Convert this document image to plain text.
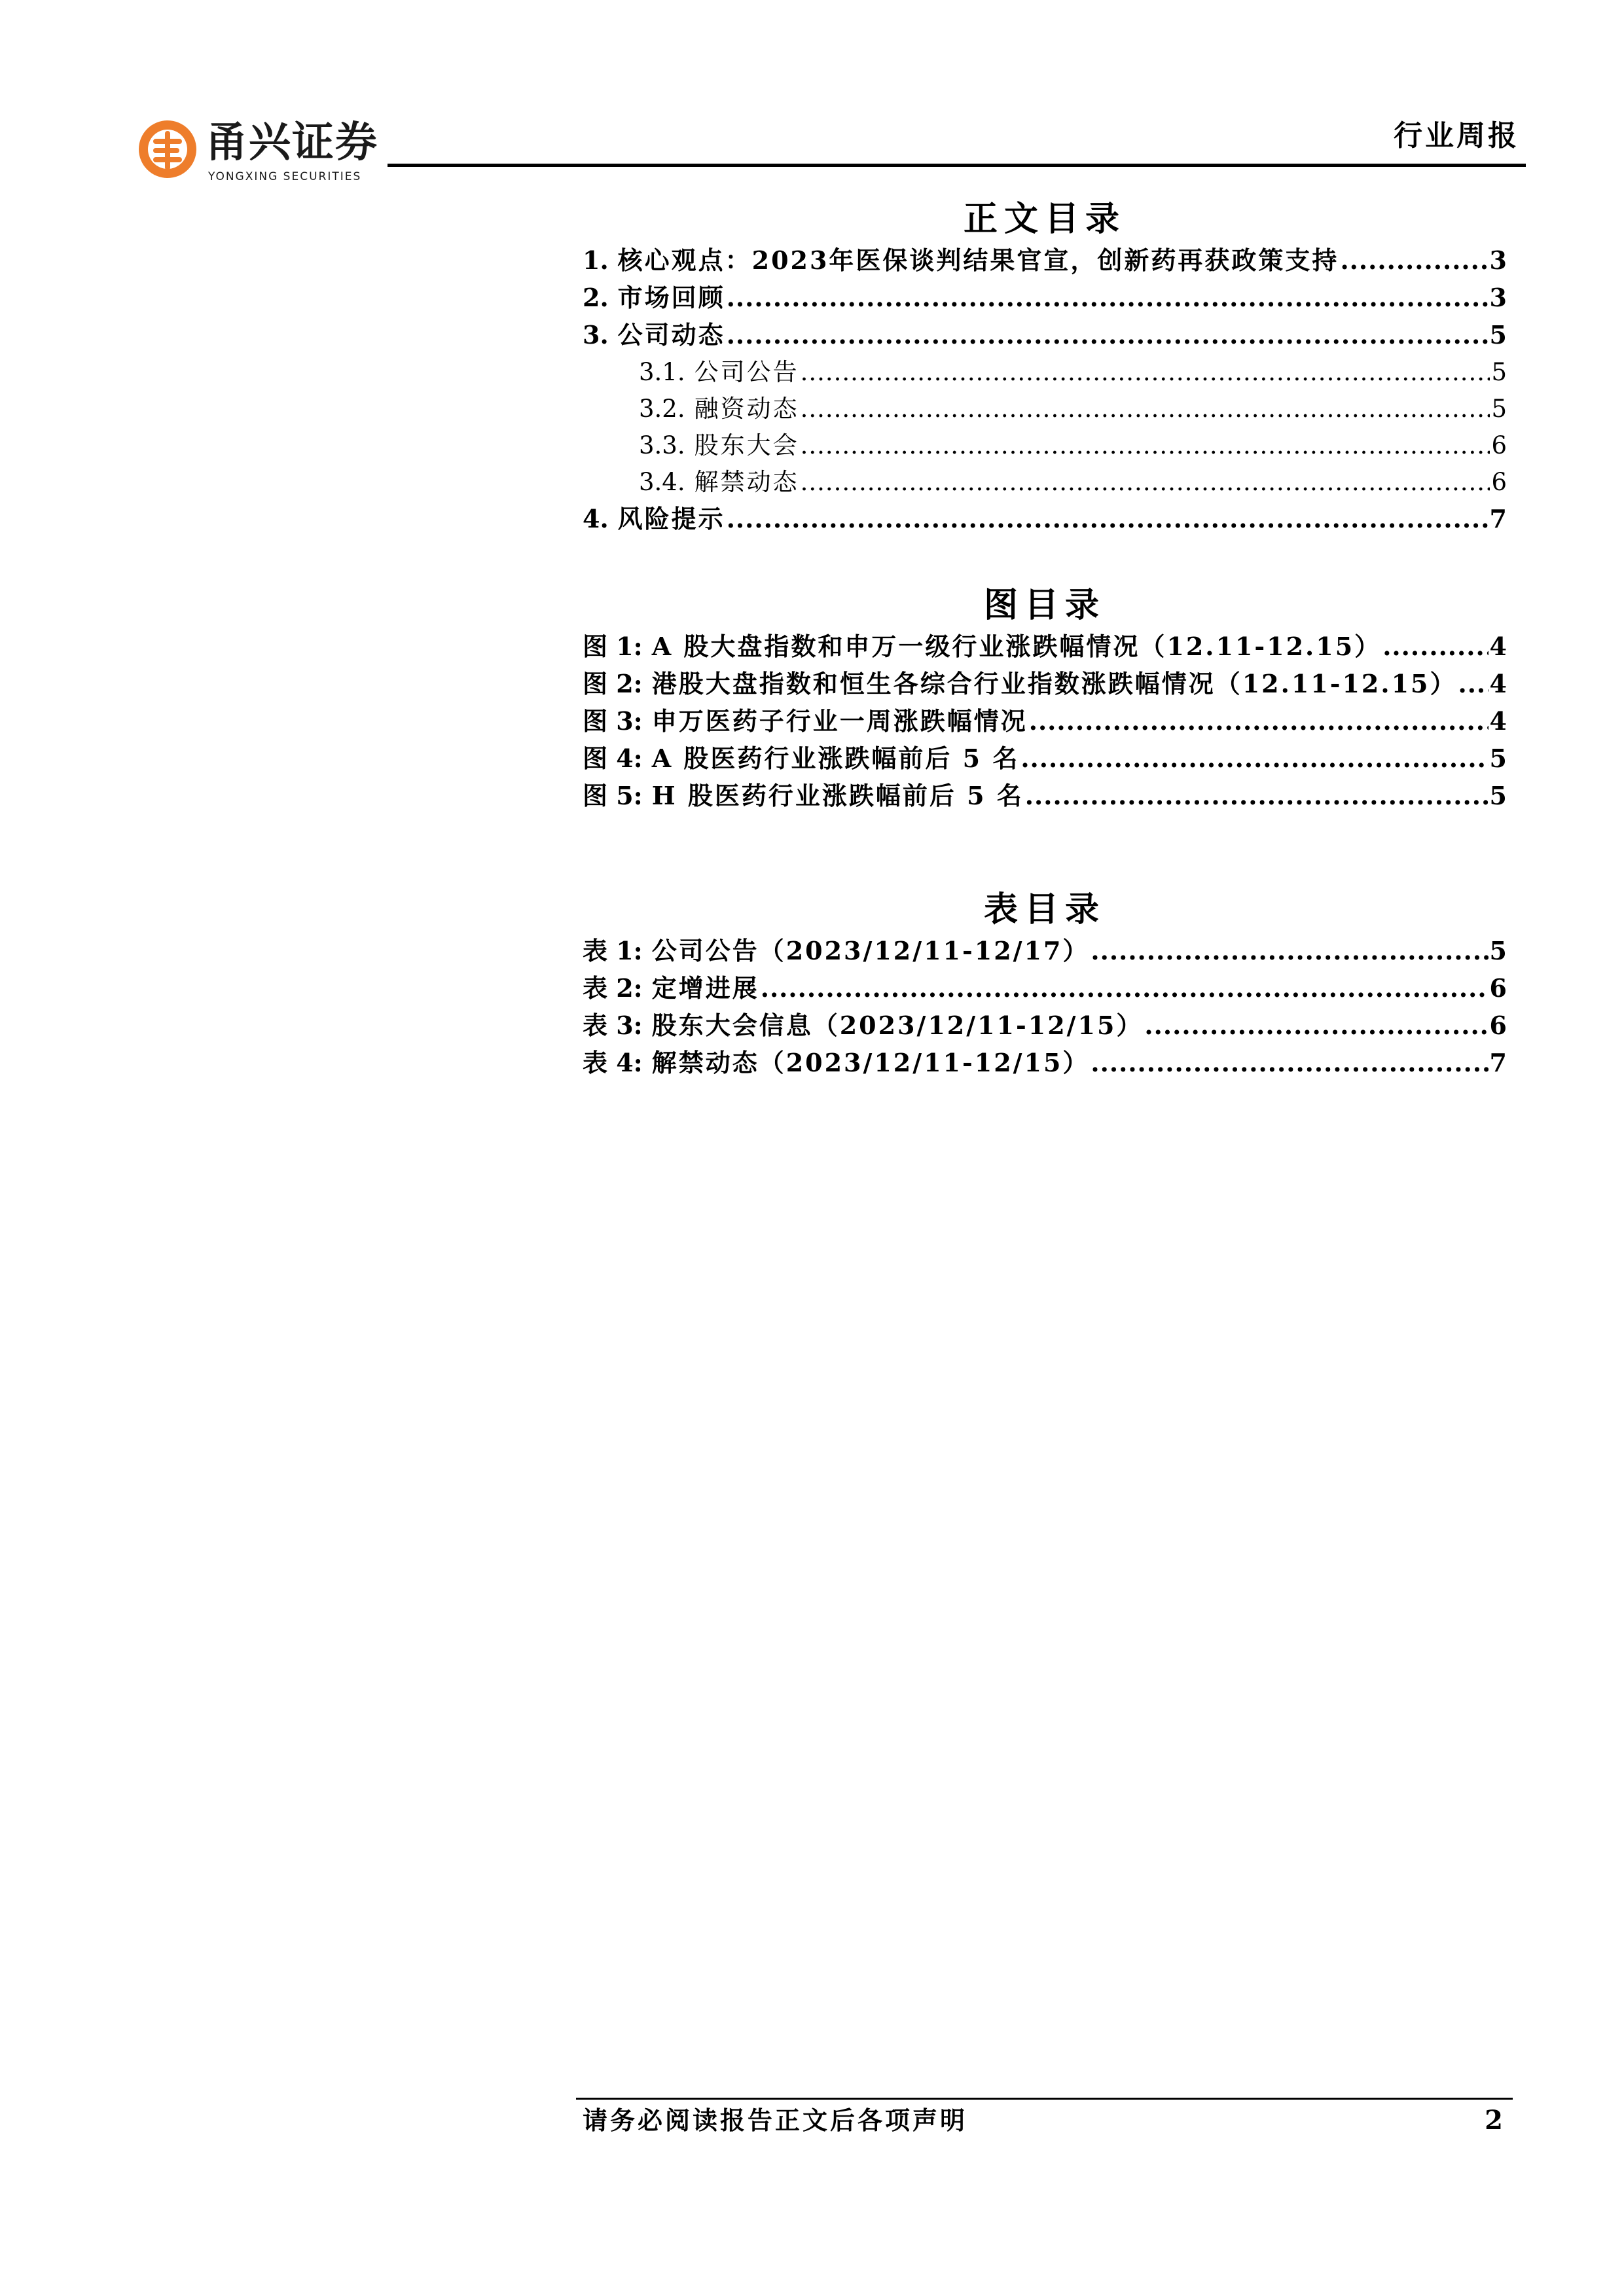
甬兴证券
YONGXING SECURITIES
行业周报
正文目录
1. 核心观点：2023年医保谈判结果官宣，创新药再获政策支持 .....	3
2. 市场回顾 .....	3
3. 公司动态 .....	5
3.1. 公司公告 .....	5
3.2. 融资动态 .....	5
3.3. 股东大会 .....	6
3.4. 解禁动态 .....	6
4. 风险提示 .....	7
图目录
图 1: A 股大盘指数和申万一级行业涨跌幅情况（12.11-12.15） .....	4
图 2: 港股大盘指数和恒生各综合行业指数涨跌幅情况（12.11-12.15） ..... 4
图 3: 申万医药子行业一周涨跌幅情况 .....	4
图 4: A 股医药行业涨跌幅前后 5 名 .....	5
图 5: H 股医药行业涨跌幅前后 5 名 .....	5
表目录
表 1: 公司公告（2023/12/11-12/17） .....	5
表 2: 定增进展 .....	6
表 3: 股东大会信息（2023/12/11-12/15） .....	6
表 4: 解禁动态（2023/12/11-12/15） .....	7
请务必阅读报告正文后各项声明	2
